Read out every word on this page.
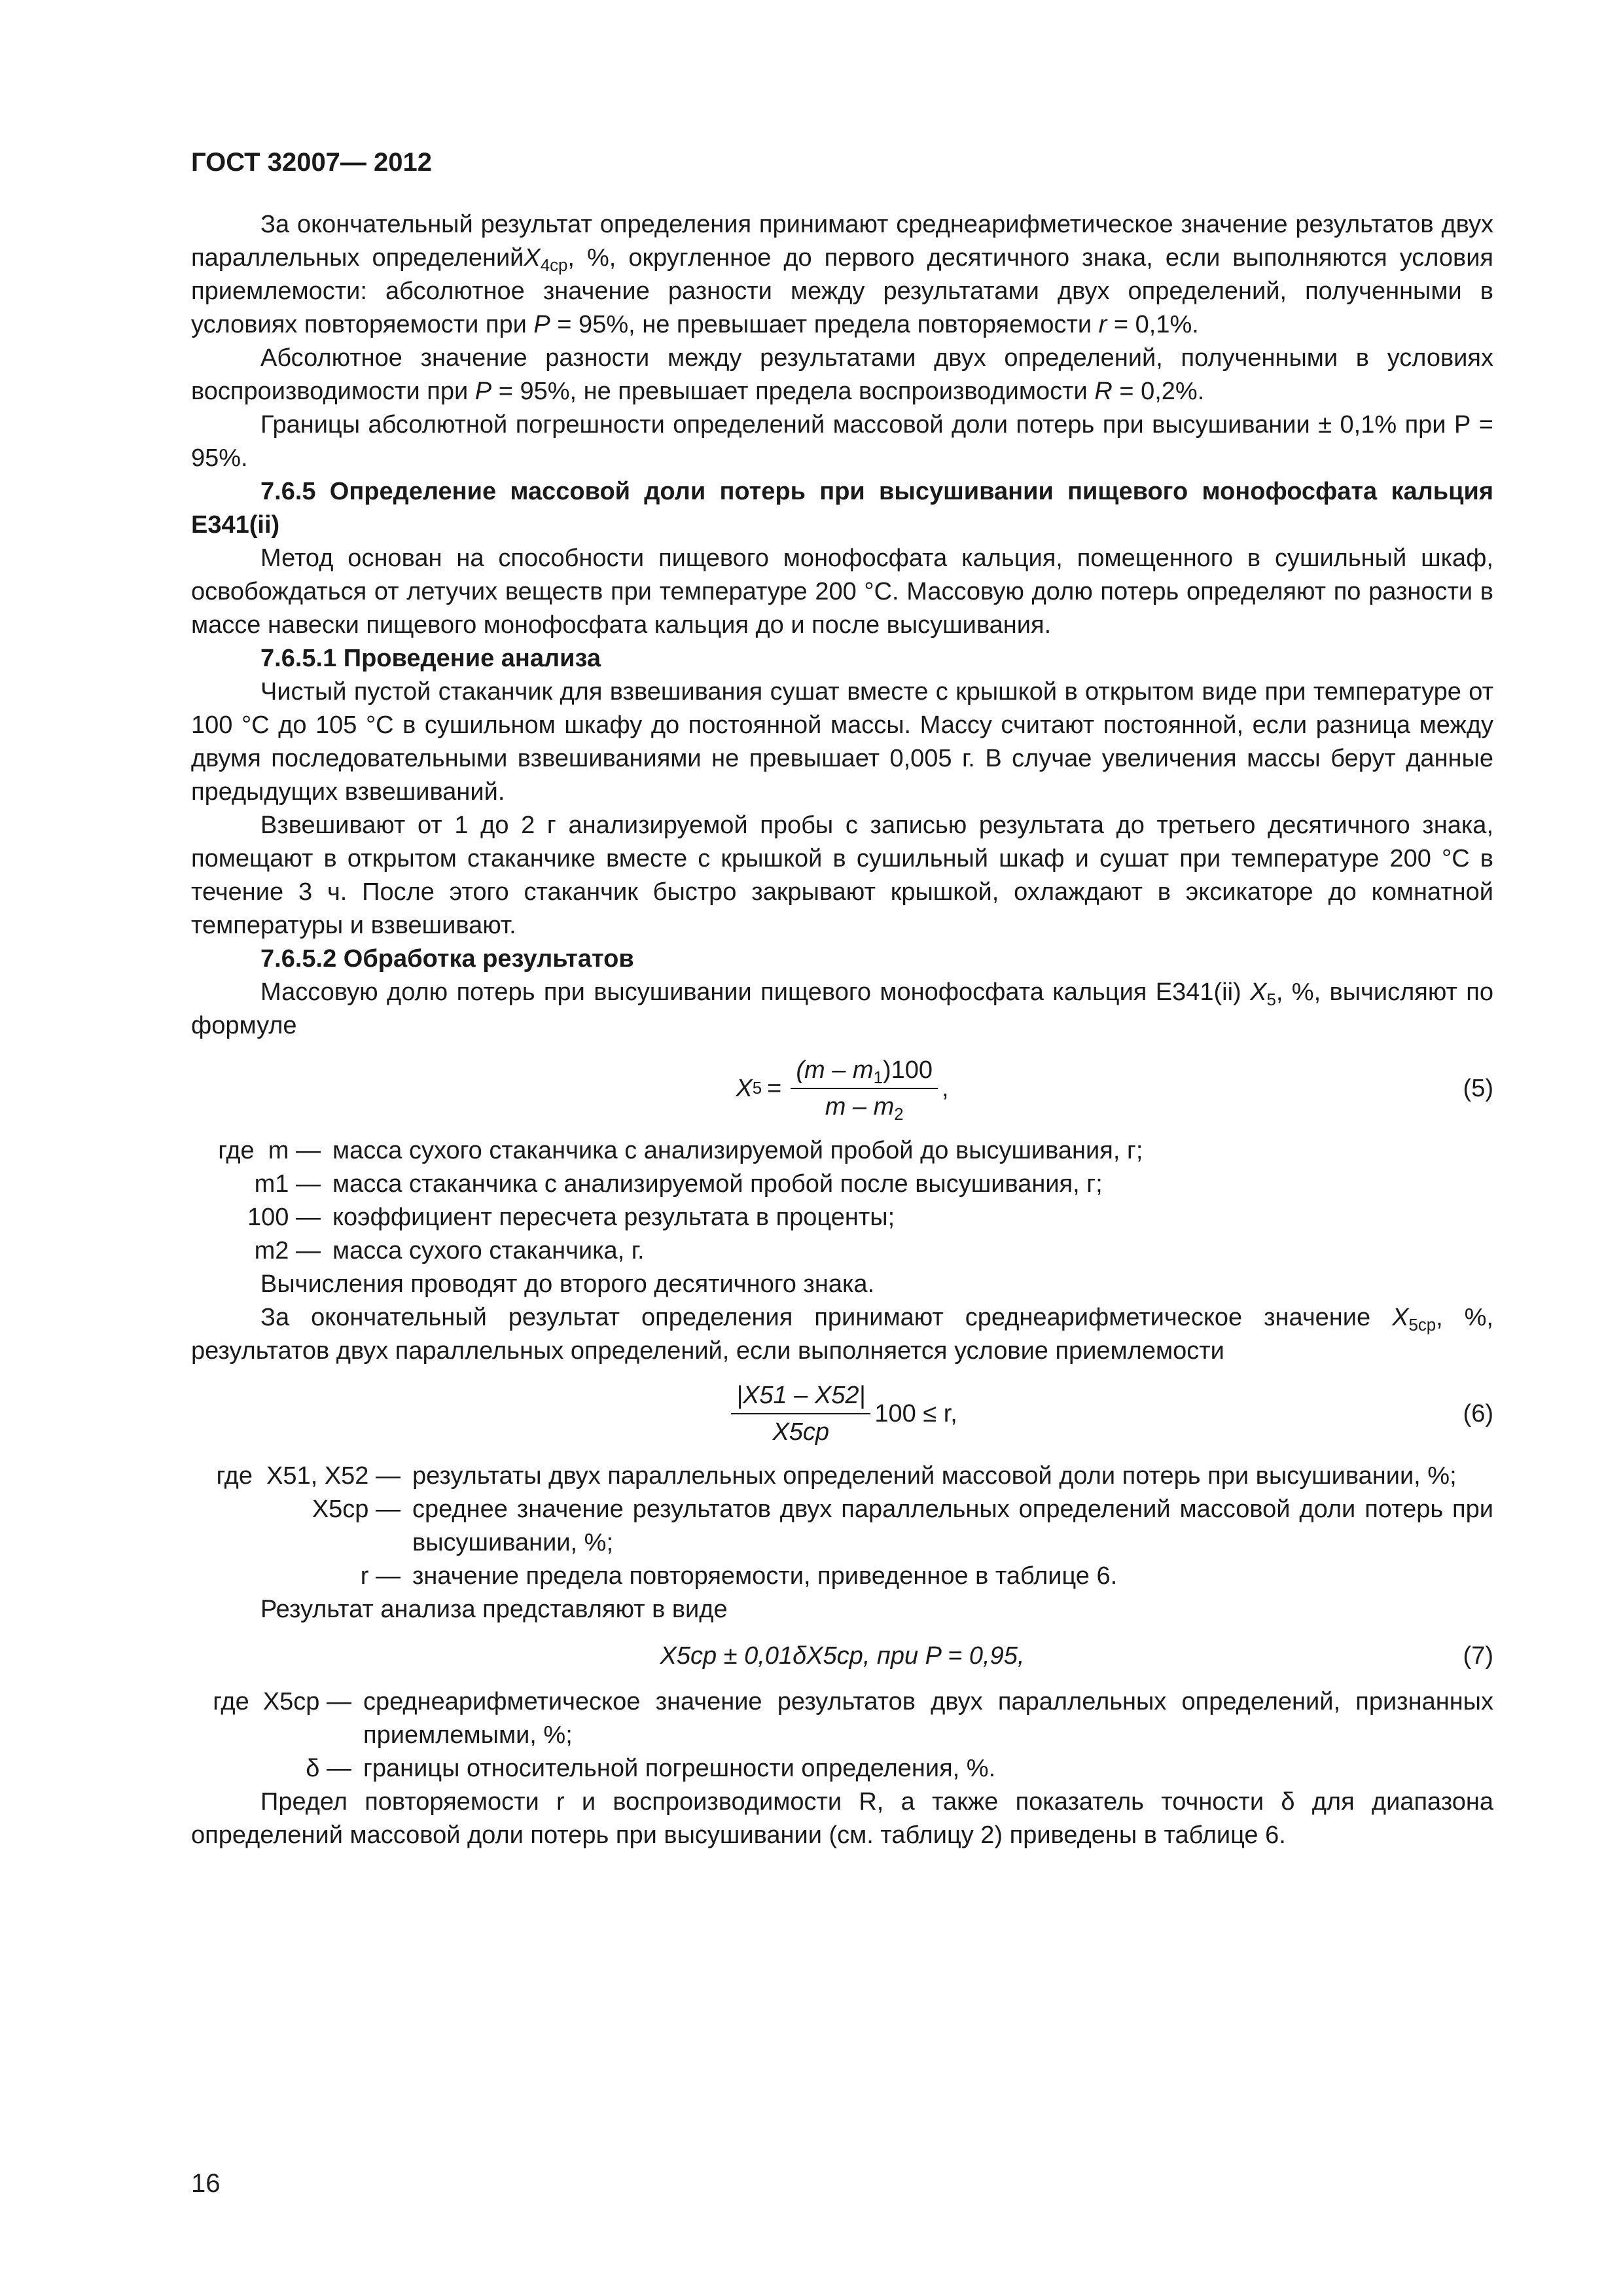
ГОСТ 32007— 2012

За окончательный результат определения принимают среднеарифметическое значение результатов двух параллельных определенийX$_{4ср}$, %, округленное до первого десятичного знака, если выполняются условия приемлемости: абсолютное значение разности между результатами двух определений, полученными в условиях повторяемости при P = 95%, не превышает предела повторяемости r = 0,1%.

Абсолютное значение разности между результатами двух определений, полученными в условиях воспроизводимости при P = 95%, не превышает предела воспроизводимости R = 0,2%.

Границы абсолютной погрешности определений массовой доли потерь при высушивании ± 0,1% при Р = 95%.

7.6.5 Определение массовой доли потерь при высушивании пищевого монофосфата кальция Е341(ii)

Метод основан на способности пищевого монофосфата кальция, помещенного в сушильный шкаф, освобождаться от летучих веществ при температуре 200 °С. Массовую долю потерь определяют по разности в массе навески пищевого монофосфата кальция до и после высушивания.

7.6.5.1 Проведение анализа

Чистый пустой стаканчик для взвешивания сушат вместе с крышкой в открытом виде при температуре от 100 °С до 105 °С в сушильном шкафу до постоянной массы. Массу считают постоянной, если разница между двумя последовательными взвешиваниями не превышает 0,005 г. В случае увеличения массы берут данные предыдущих взвешиваний.

Взвешивают от 1 до 2 г анализируемой пробы с записью результата до третьего десятичного знака, помещают в открытом стаканчике вместе с крышкой в сушильный шкаф и сушат при температуре 200 °С в течение 3 ч. После этого стаканчик быстро закрывают крышкой, охлаждают в эксикаторе до комнатной температуры и взвешивают.

7.6.5.2 Обработка результатов

Массовую долю потерь при высушивании пищевого монофосфата кальция Е341(ii) $X_5$, %, вычисляют по формуле

X $5 = \frac{(m - m_1)100}{m - m_2}$ ,	(5)
где  m — масса сухого стаканчика с анализируемой пробой до высушивания, г;
m1 — масса стаканчика с анализируемой пробой после высушивания, г;
100 — коэффициент пересчета результата в проценты;
m2 — масса сухого стаканчика, г.

Вычисления проводят до второго десятичного знака.

За окончательный результат определения принимают среднеарифметическое значение $X_{5ср}$, %, результатов двух параллельных определений, если выполняется условие приемлемости

$\frac{|X51 - X52|}{X5ср} 100 \le r$,	(6)
где  X51, X52 — результаты двух параллельных определений массовой доли потерь при высушивании, %;
X5ср — среднее значение результатов двух параллельных определений массовой доли потерь при высушивании, %;
r — значение предела повторяемости, приведенное в таблице 6.

Результат анализа представляют в виде

X5ср ± 0,01δX5ср, при P = 0,95,	(7)
где  X5ср — среднеарифметическое значение результатов двух параллельных определений, признанных приемлемыми, %;
δ — границы относительной погрешности определения, %.

Предел повторяемости r и воспроизводимости R, а также показатель точности δ для диапазона определений массовой доли потерь при высушивании (см. таблицу 2) приведены в таблице 6.

16
